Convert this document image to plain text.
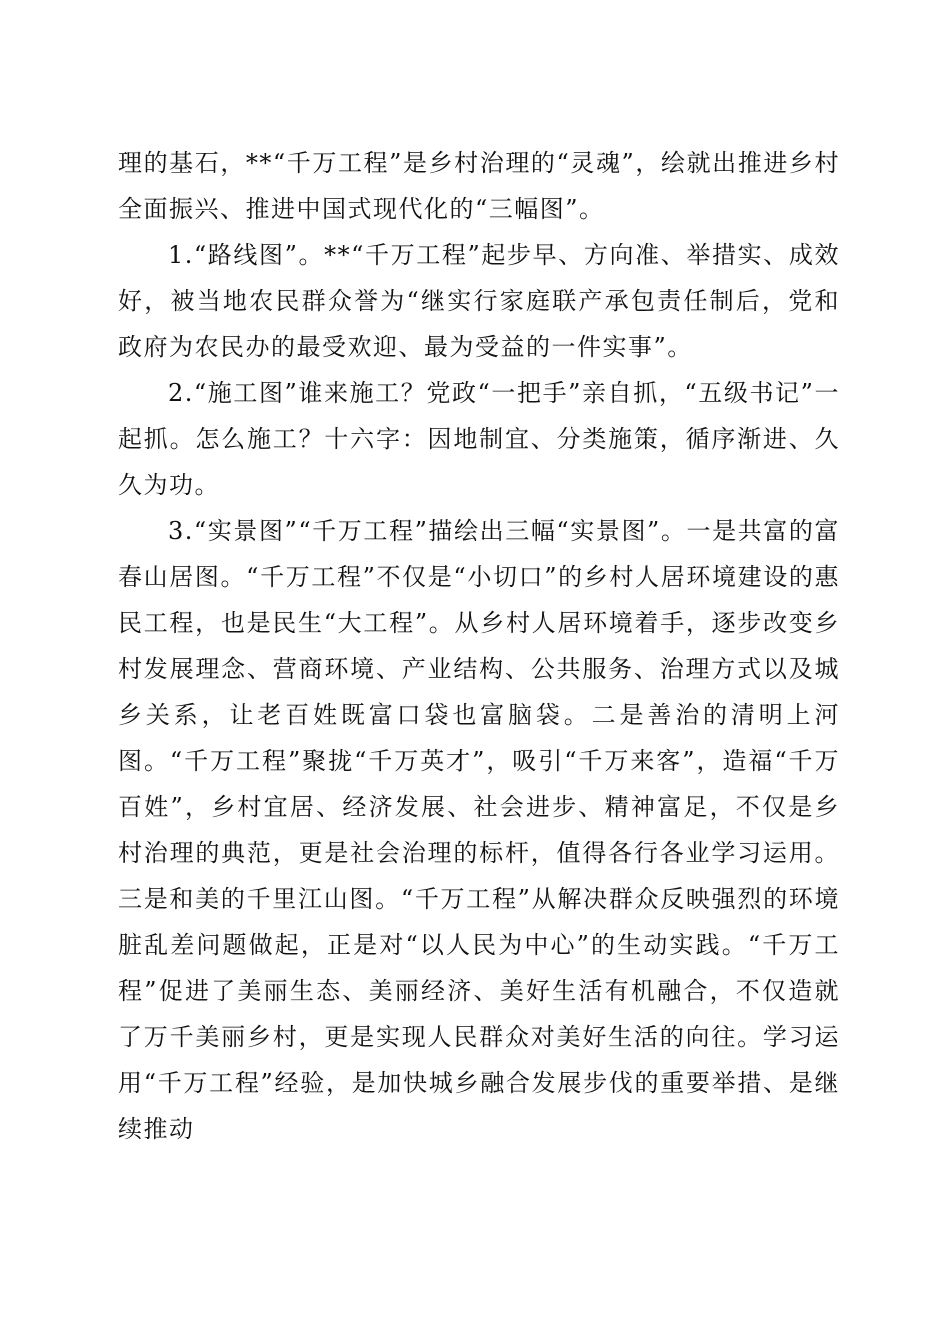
理的基石，**“千万工程”是乡村治理的“灵魂”，绘就出推进乡村全面振兴、推进中国式现代化的“三幅图”。

1.“路线图”。**“千万工程”起步早、方向准、举措实、成效好，被当地农民群众誉为“继实行家庭联产承包责任制后，党和政府为农民办的最受欢迎、最为受益的一件实事”。

2.“施工图”谁来施工？党政“一把手”亲自抓，“五级书记”一起抓。怎么施工？十六字：因地制宜、分类施策，循序渐进、久久为功。

3.“实景图”“千万工程”描绘出三幅“实景图”。一是共富的富春山居图。“千万工程”不仅是“小切口”的乡村人居环境建设的惠民工程，也是民生“大工程”。从乡村人居环境着手，逐步改变乡村发展理念、营商环境、产业结构、公共服务、治理方式以及城乡关系，让老百姓既富口袋也富脑袋。二是善治的清明上河图。“千万工程”聚拢“千万英才”，吸引“千万来客”，造福“千万百姓”，乡村宜居、经济发展、社会进步、精神富足，不仅是乡村治理的典范，更是社会治理的标杆，值得各行各业学习运用。三是和美的千里江山图。“千万工程”从解决群众反映强烈的环境脏乱差问题做起，正是对“以人民为中心”的生动实践。“千万工程”促进了美丽生态、美丽经济、美好生活有机融合，不仅造就了万千美丽乡村，更是实现人民群众对美好生活的向往。学习运用“千万工程”经验，是加快城乡融合发展步伐的重要举措、是继续推动
